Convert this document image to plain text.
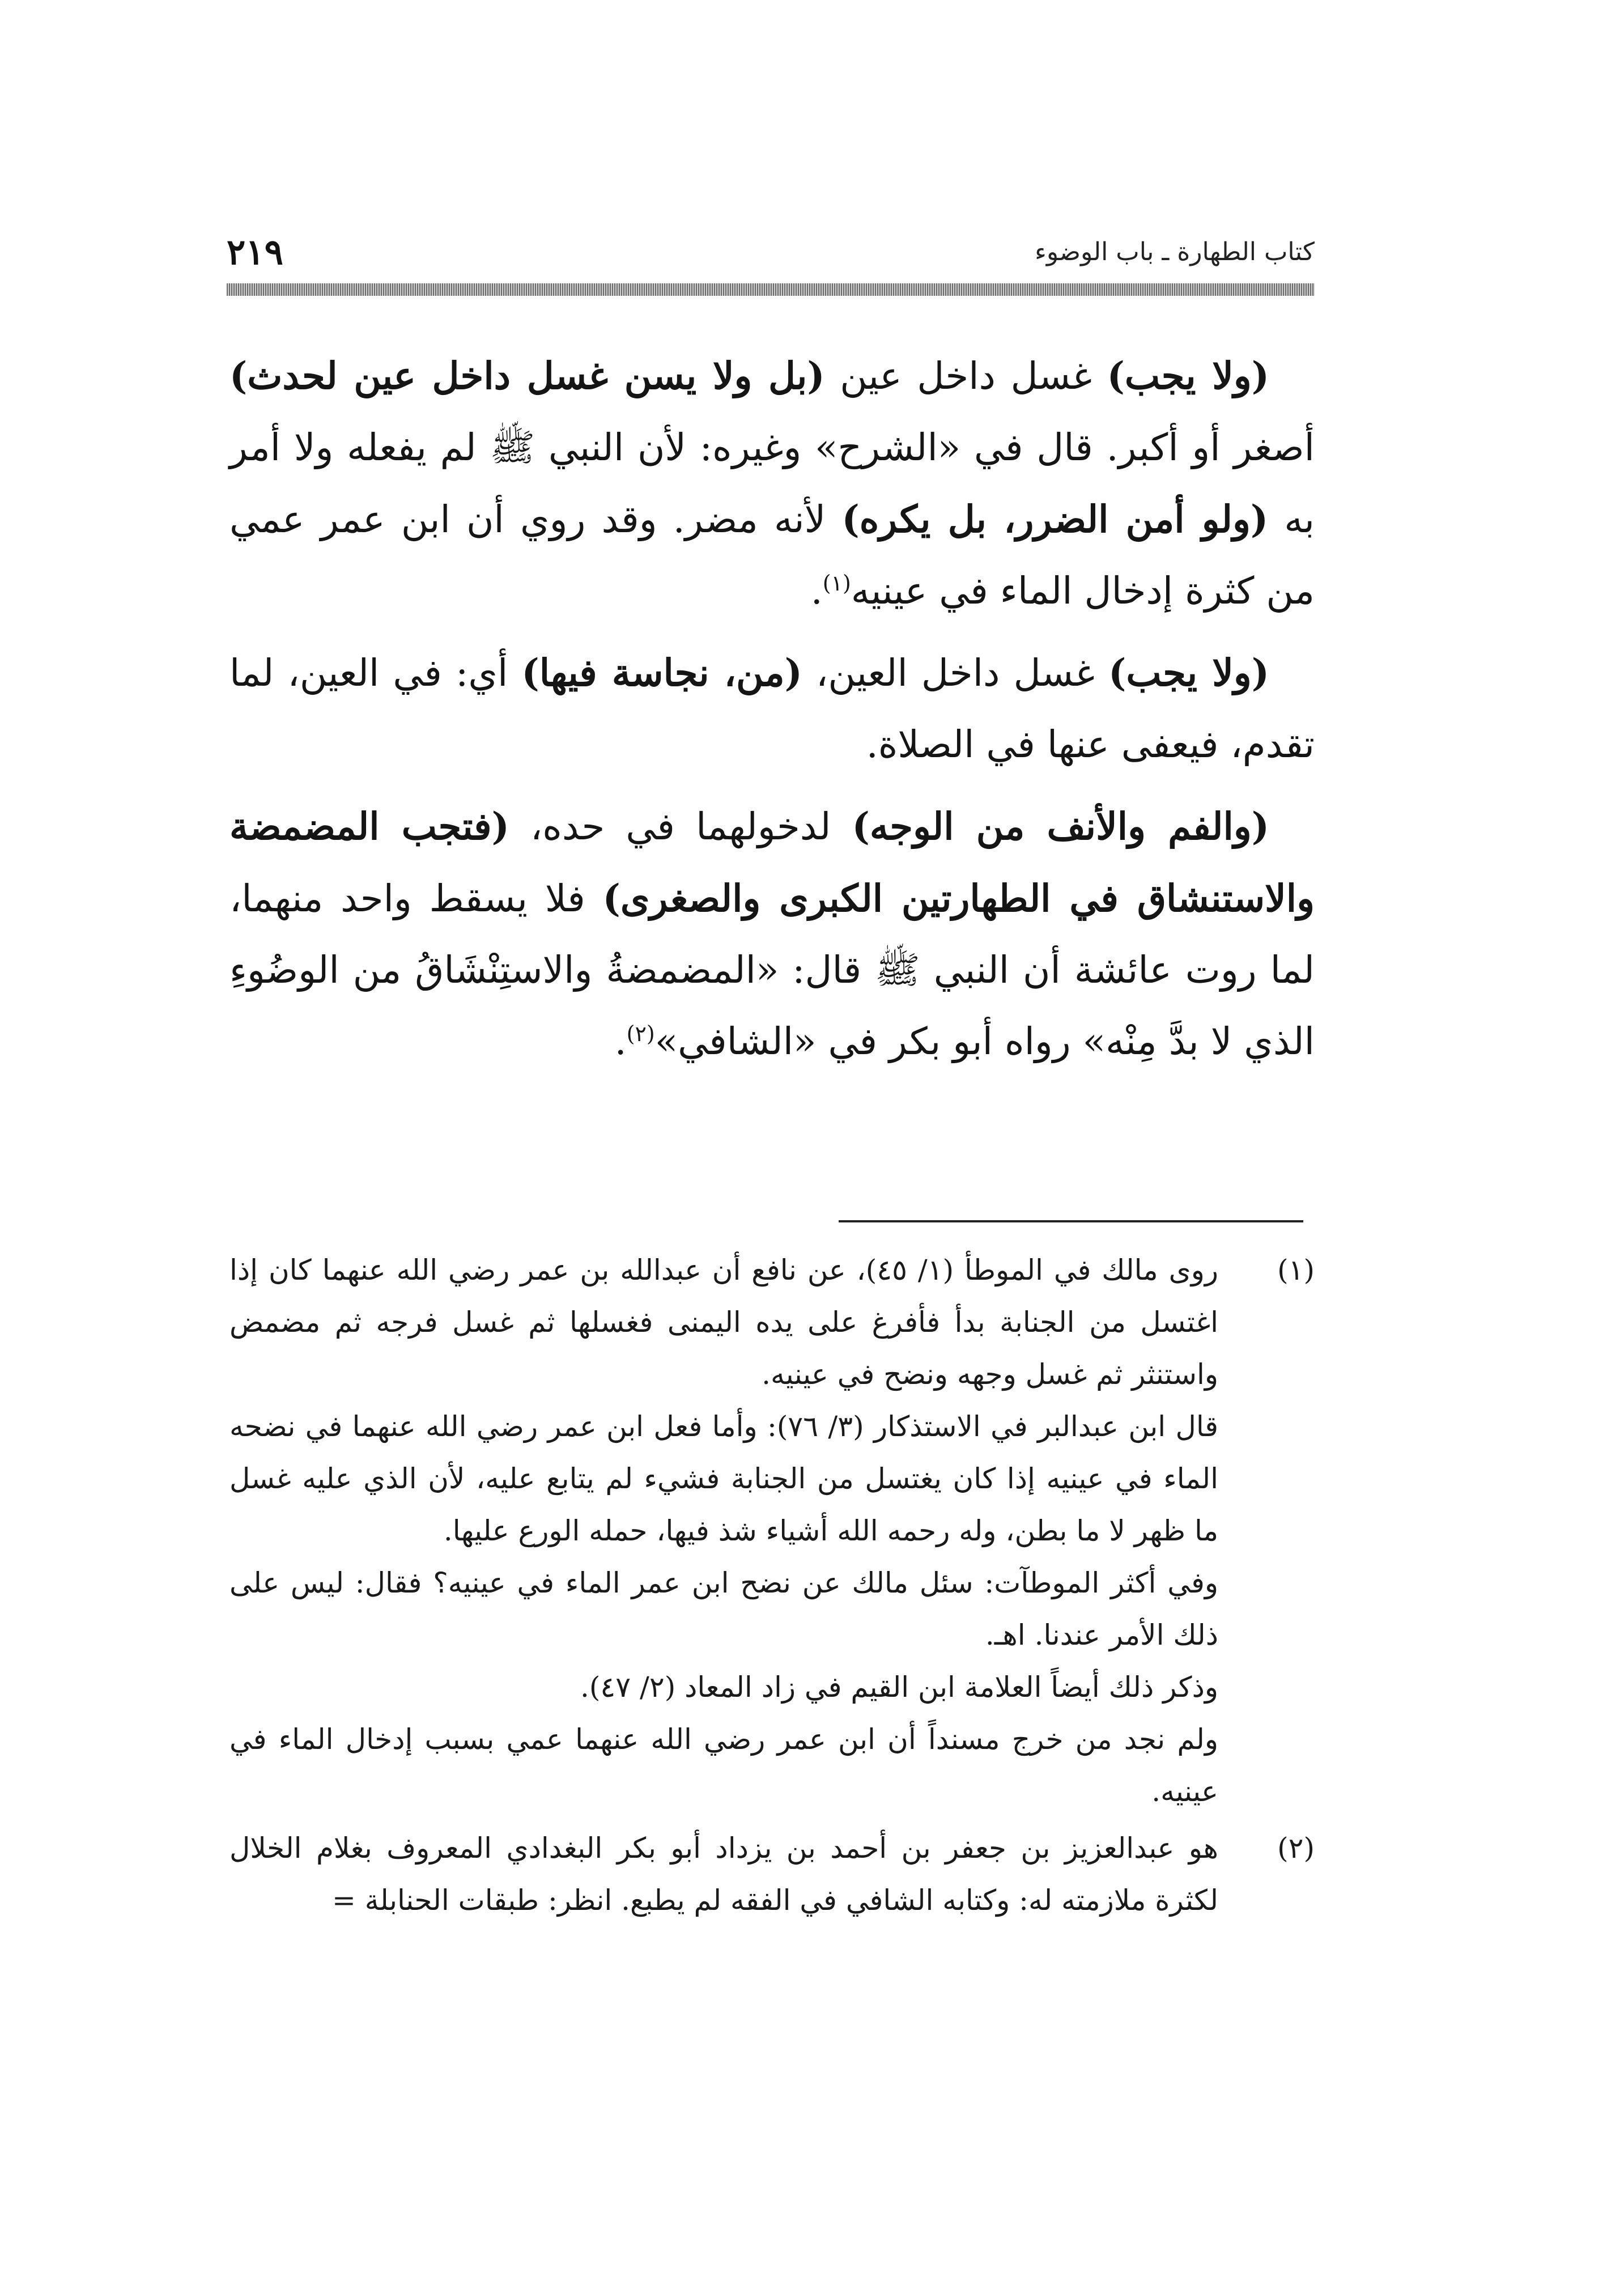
كتاب الطهارة ـ باب الوضوء
٢١٩

(ولا يجب) غسل داخل عين (بل ولا يسن غسل داخل عين لحدث) أصغر أو أكبر. قال في «الشرح» وغيره: لأن النبي ﷺ لم يفعله ولا أمر به (ولو أمن الضرر، بل يكره) لأنه مضر. وقد روي أن ابن عمر عمي من كثرة إدخال الماء في عينيه$^{(١)}$.

(ولا يجب) غسل داخل العين، (من، نجاسة فيها) أي: في العين، لما تقدم، فيعفى عنها في الصلاة.

(والفم والأنف من الوجه) لدخولهما في حده، (فتجب المضمضة والاستنشاق في الطهارتين الكبرى والصغرى) فلا يسقط واحد منهما، لما روت عائشة أن النبي ﷺ قال: «المضمضةُ والاستِنْشَاقُ من الوضُوءِ الذي لا بدَّ مِنْه» رواه أبو بكر في «الشافي»$^{(٢)}$.

(١)

روى مالك في الموطأ (١/ ٤٥)، عن نافع أن عبدالله بن عمر رضي الله عنهما كان إذا اغتسل من الجنابة بدأ فأفرغ على يده اليمنى فغسلها ثم غسل فرجه ثم مضمض واستنثر ثم غسل وجهه ونضح في عينيه.

قال ابن عبدالبر في الاستذكار (٣/ ٧٦): وأما فعل ابن عمر رضي الله عنهما في نضحه الماء في عينيه إذا كان يغتسل من الجنابة فشيء لم يتابع عليه، لأن الذي عليه غسل ما ظهر لا ما بطن، وله رحمه الله أشياء شذ فيها، حمله الورع عليها.

وفي أكثر الموطآت: سئل مالك عن نضح ابن عمر الماء في عينيه؟ فقال: ليس على ذلك الأمر عندنا. اهـ.

وذكر ذلك أيضاً العلامة ابن القيم في زاد المعاد (٢/ ٤٧).

ولم نجد من خرج مسنداً أن ابن عمر رضي الله عنهما عمي بسبب إدخال الماء في عينيه.

(٢)

هو عبدالعزيز بن جعفر بن أحمد بن يزداد أبو بكر البغدادي المعروف بغلام الخلال لكثرة ملازمته له: وكتابه الشافي في الفقه لم يطبع. انظر: طبقات الحنابلة =
